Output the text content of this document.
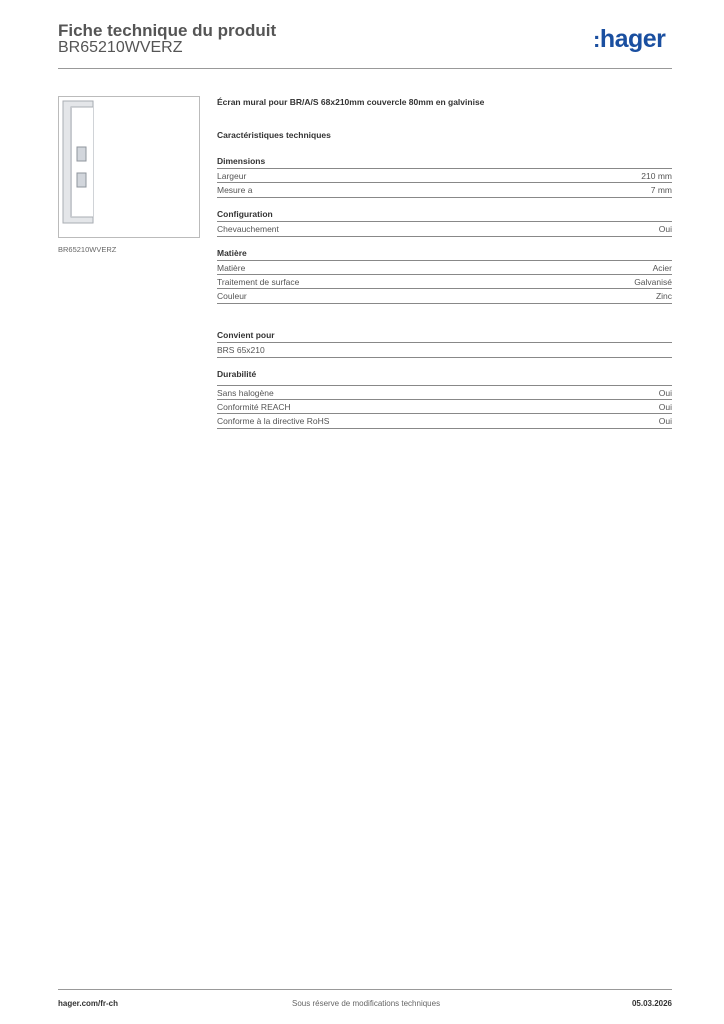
Fiche technique du produit
BR65210WVERZ	:hager
BR65210WVERZ
Écran mural pour BR/A/S 68x210mm couvercle 80mm en galvinise
Caractéristiques techniques
Dimensions
Largeur	210 mm
Mesure a	7 mm
Configuration
Chevauchement	Oui
Matière
Matière	Acier
Traitement de surface	Galvanisé
Couleur	Zinc
Convient pour
BRS 65x210
Durabilité
Sans halogène	Oui
Conformité REACH	Oui
Conforme à la directive RoHS	Oui
hager.com/fr-ch	Sous réserve de modifications techniques	05.03.2026
